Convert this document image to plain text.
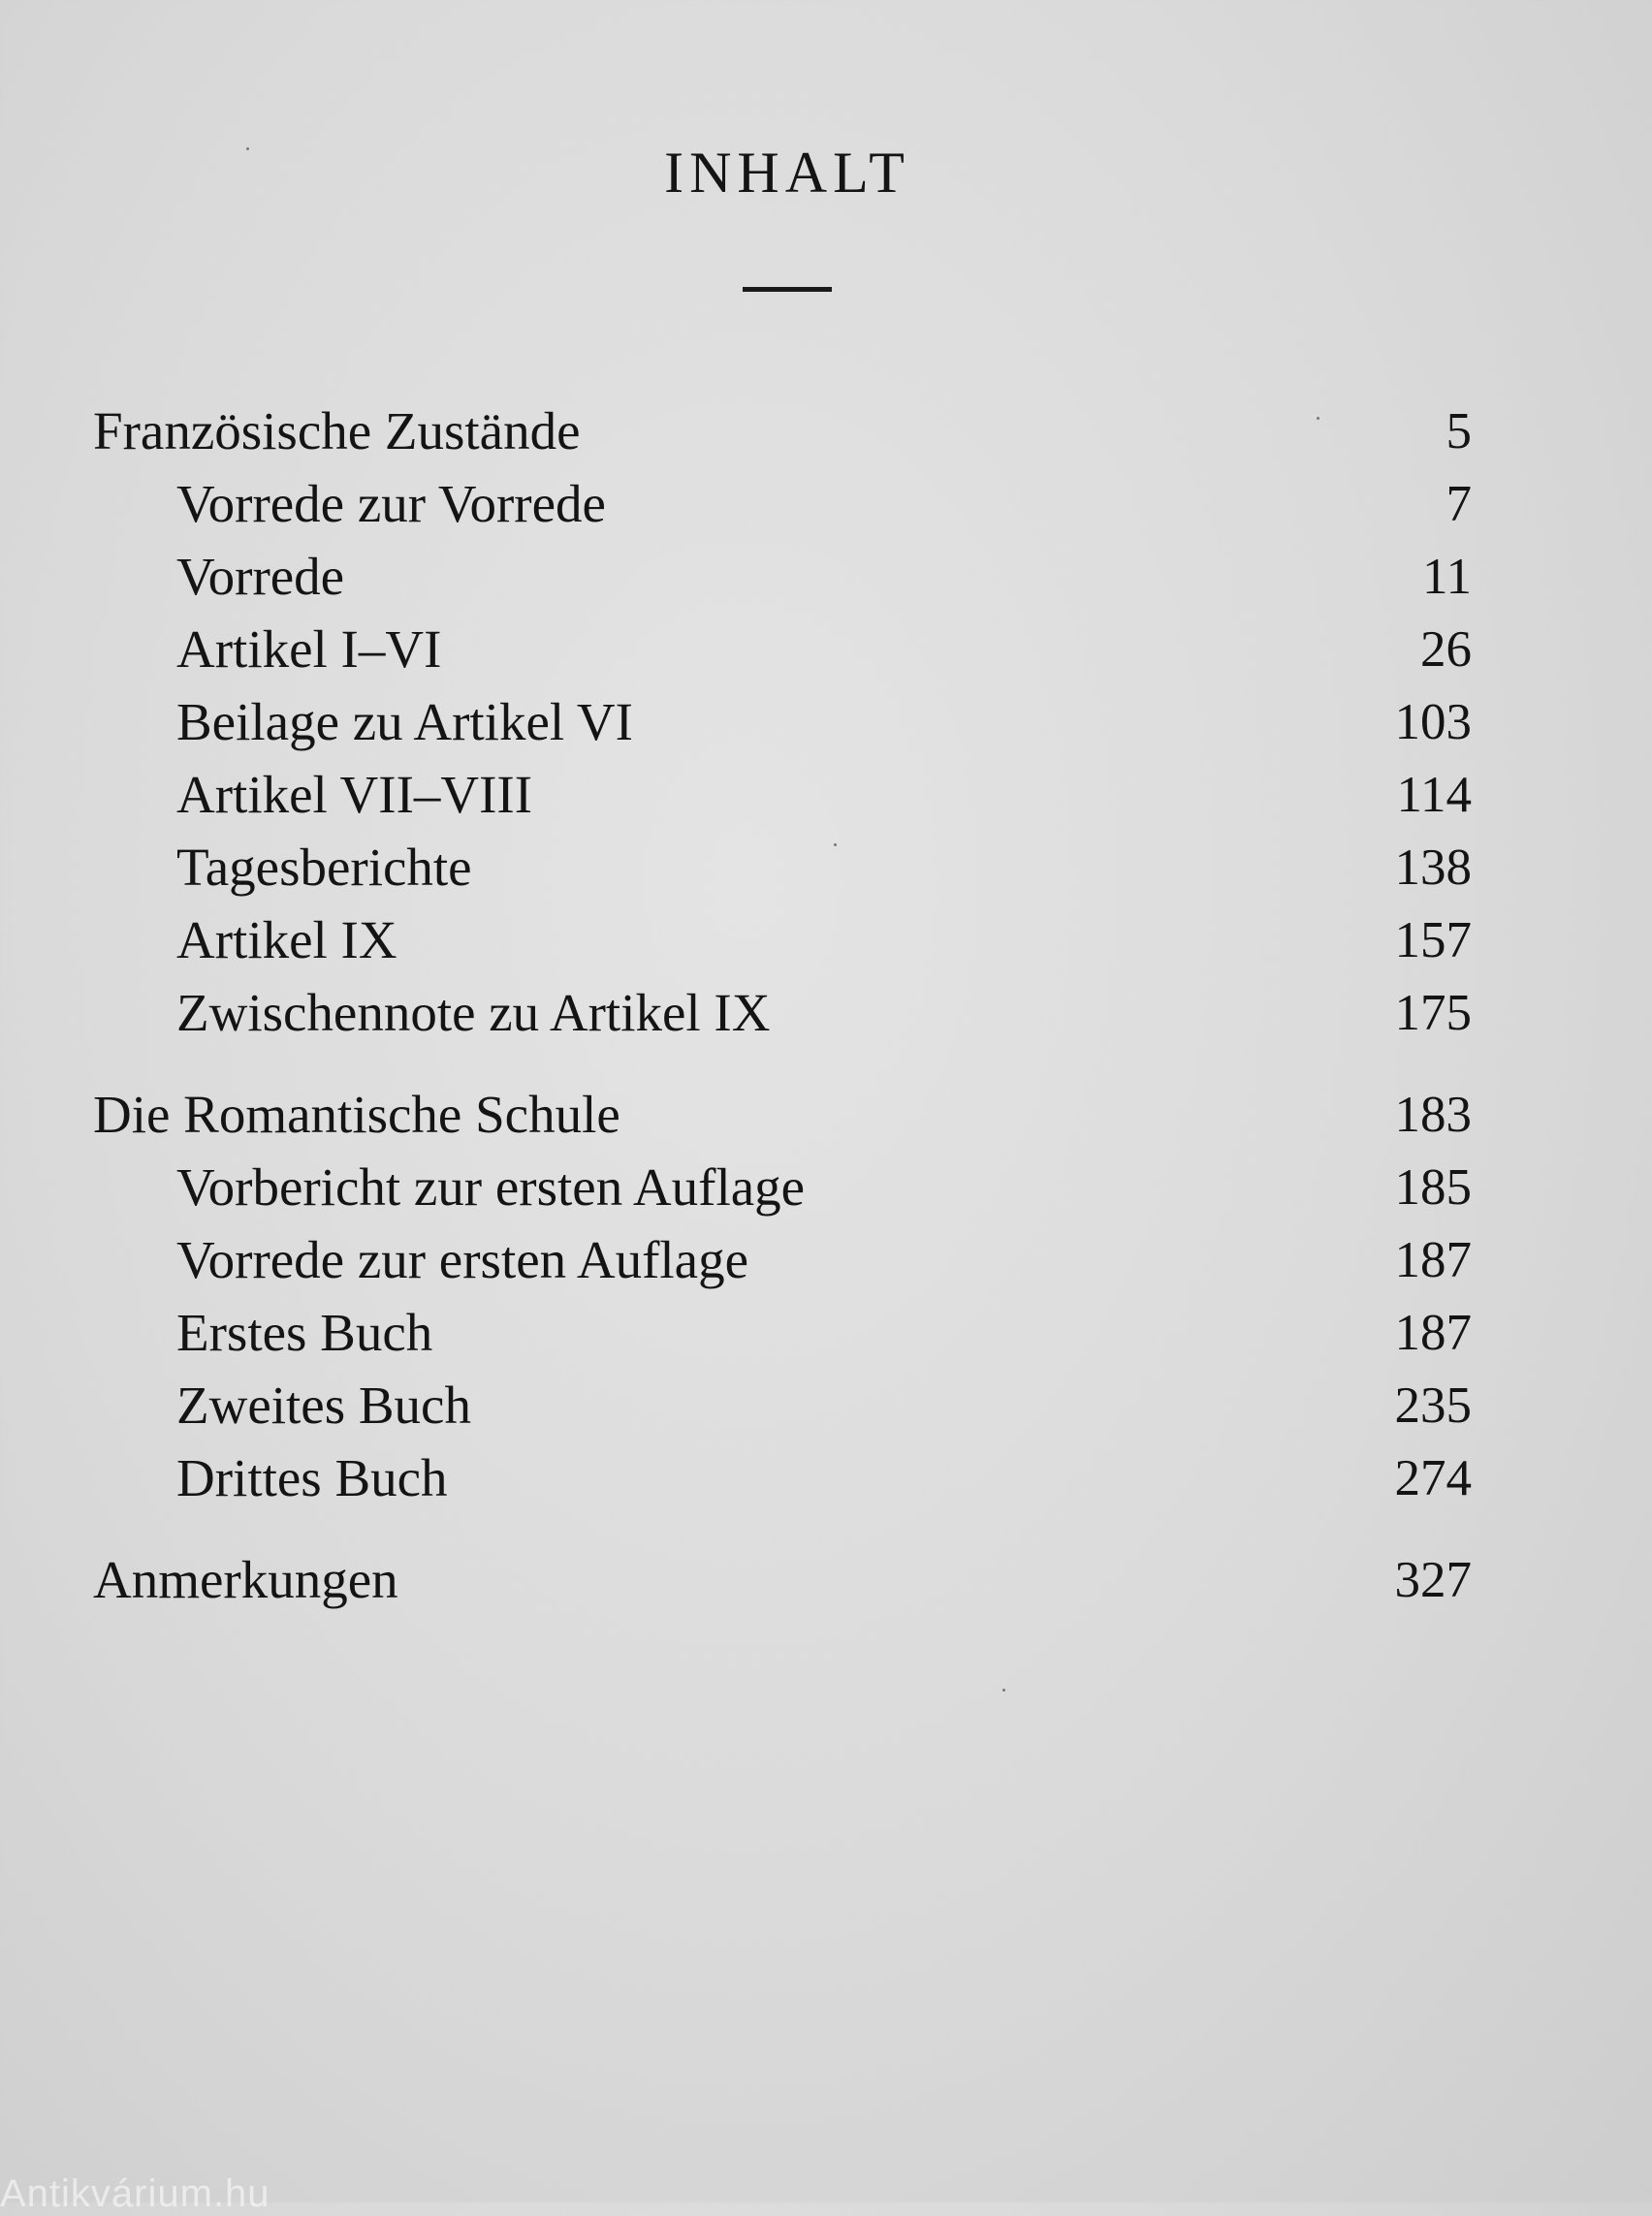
INHALT
Französische Zustände	5
Vorrede zur Vorrede	7
Vorrede	11
Artikel I–VI	26
Beilage zu Artikel VI	103
Artikel VII–VIII	114
Tagesberichte	138
Artikel IX	157
Zwischennote zu Artikel IX	175
Die Romantische Schule	183
Vorbericht zur ersten Auflage	185
Vorrede zur ersten Auflage	187
Erstes Buch	187
Zweites Buch	235
Drittes Buch	274
Anmerkungen	327
Antikvárium.hu
